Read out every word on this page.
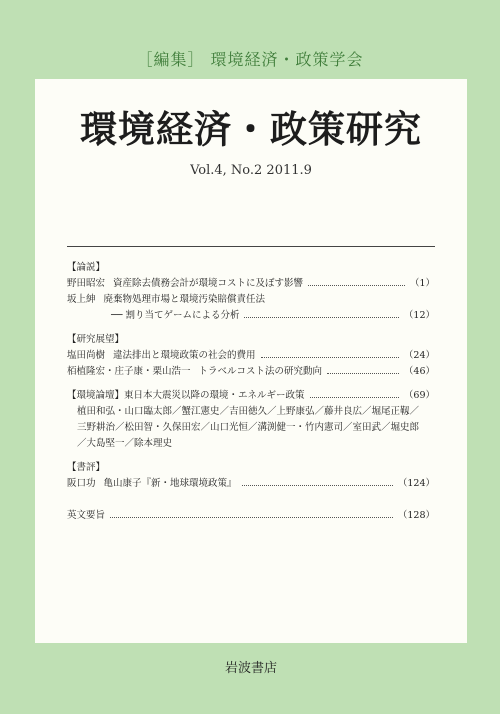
［編集］ 環境経済・政策学会
環境経済・政策研究
Vol.4, No.2 2011.9
【論説】
野田昭宏 資産除去債務会計が環境コストに及ぼす影響	（1）
坂上紳 廃棄物処理市場と環境汚染賠償責任法
── 割り当てゲームによる分析	（12）
【研究展望】
塩田尚樹 違法排出と環境政策の社会的費用	（24）
栢植隆宏・庄子康・栗山浩一 トラベルコスト法の研究動向	（46）
【環境論壇】東日本大震災以降の環境・エネルギー政策	（69）
植田和弘・山口臨太郎／蟹江憲史／吉田徳久／上野康弘／藤井良広／堀尾正靱／
三野耕治／松田智・久保田宏／山口光恒／溝渕健一・竹内憲司／室田武／堀史郎
／大島堅一／除本理史
【書評】
阪口功 亀山康子『新・地球環境政策』	（124）
英文要旨	（128）
岩波書店
